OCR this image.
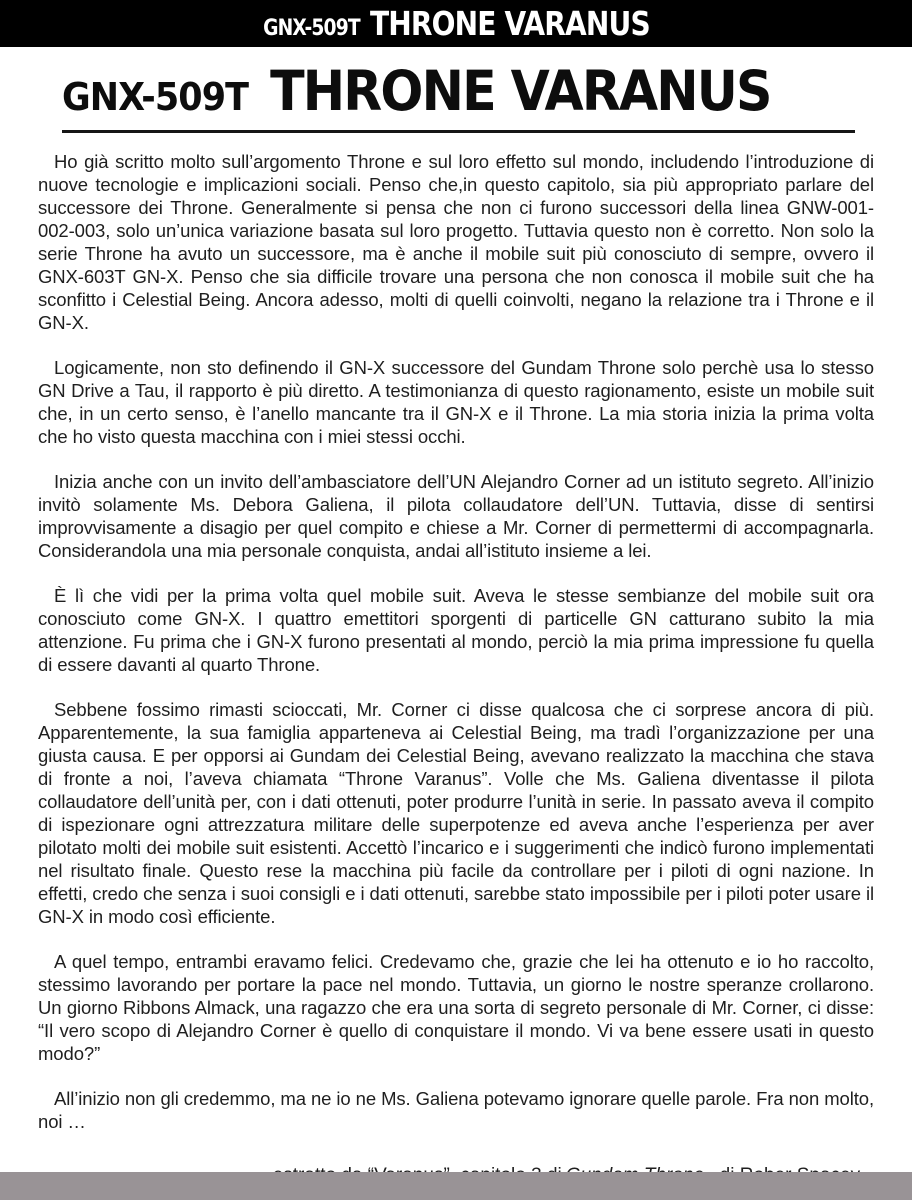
GNX-509T THRONE VARANUS
GNX-509T THRONE VARANUS

Ho già scritto molto sull’argomento Throne e sul loro effetto sul mondo, includendo l’introduzione di nuove tecnologie e implicazioni sociali. Penso che,in questo capitolo, sia più appropriato parlare del successore dei Throne. Generalmente si pensa che non ci furono successori della linea GNW-001-002-003, solo un’unica variazione basata sul loro progetto. Tuttavia questo non è corretto. Non solo la serie Throne ha avuto un successore, ma è anche il mobile suit più conosciuto di sempre, ovvero il GNX-603T GN-X. Penso che sia difficile trovare una persona che non conosca il mobile suit che ha sconfitto i Celestial Being. Ancora adesso, molti di quelli coinvolti, negano la relazione tra i Throne e il GN-X.

Logicamente, non sto definendo il GN-X successore del Gundam Throne solo perchè usa lo stesso GN Drive a Tau, il rapporto è più diretto. A testimonianza di questo ragionamento, esiste un mobile suit che, in un certo senso, è l’anello mancante tra il GN-X e il Throne. La mia storia inizia la prima volta che ho visto questa macchina con i miei stessi occhi.

Inizia anche con un invito dell’ambasciatore dell’UN Alejandro Corner ad un istituto segreto. All’inizio invitò solamente Ms. Debora Galiena, il pilota collaudatore dell’UN. Tuttavia, disse di sentirsi improvvisamente a disagio per quel compito e chiese a Mr. Corner di permettermi di accompagnarla. Considerandola una mia personale conquista, andai all’istituto insieme a lei.

È lì che vidi per la prima volta quel mobile suit. Aveva le stesse sembianze del mobile suit ora conosciuto come GN-X. I quattro emettitori sporgenti di particelle GN catturano subito la mia attenzione. Fu prima che i GN-X furono presentati al mondo, perciò la mia prima impressione fu quella di essere davanti al quarto Throne.

Sebbene fossimo rimasti scioccati, Mr. Corner ci disse qualcosa che ci sorprese ancora di più. Apparentemente, la sua famiglia apparteneva ai Celestial Being, ma tradì l’organizzazione per una giusta causa. E per opporsi ai Gundam dei Celestial Being, avevano realizzato la macchina che stava di fronte a noi, l’aveva chiamata “Throne Varanus”. Volle che Ms. Galiena diventasse il pilota collaudatore dell’unità per, con i dati ottenuti, poter produrre l’unità in serie. In passato aveva il compito di ispezionare ogni attrezzatura militare delle superpotenze ed aveva anche l’esperienza per aver pilotato molti dei mobile suit esistenti. Accettò l’incarico e i suggerimenti che indicò furono implementati nel risultato finale. Questo rese la macchina più facile da controllare per i piloti di ogni nazione. In effetti, credo che senza i suoi consigli e i dati ottenuti, sarebbe stato impossibile per i piloti poter usare il GN-X in modo così efficiente.

A quel tempo, entrambi eravamo felici. Credevamo che, grazie che lei ha ottenuto e io ho raccolto, stessimo lavorando per portare la pace nel mondo. Tuttavia, un giorno le nostre speranze crollarono. Un giorno Ribbons Almack, una ragazzo che era una sorta di segreto personale di Mr. Corner, ci disse: “Il vero scopo di Alejandro Corner è quello di conquistare il mondo. Vi va bene essere usati in questo modo?”

All’inizio non gli credemmo, ma ne io ne Ms. Galiena potevamo ignorare quelle parole. Fra non molto, noi …
